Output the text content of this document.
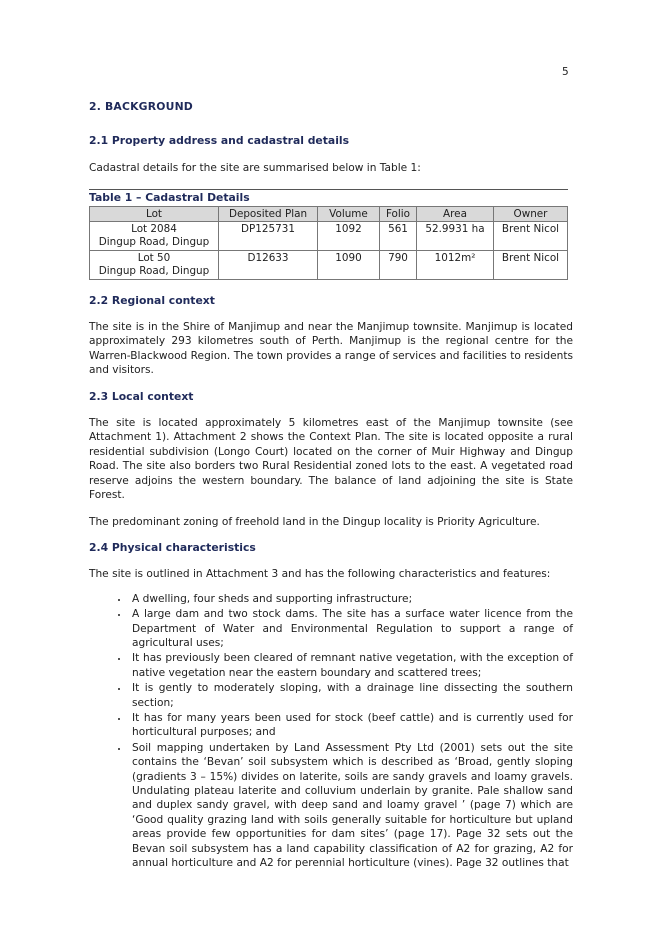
5
2. BACKGROUND
2.1 Property address and cadastral details

Cadastral details for the site are summarised below in Table 1:

Table 1 – Cadastral Details
Lot	Deposited Plan	Volume	Folio	Area	Owner

Lot 2084
Dingup Road, Dingup	DP125731	1092	561	52.9931 ha	Brent Nicol

Lot 50
Dingup Road, Dingup	D12633	1090	790	1012m²	Brent Nicol
2.2 Regional context

The site is in the Shire of Manjimup and near the Manjimup townsite. Manjimup is located approximately 293 kilometres south of Perth. Manjimup is the regional centre for the Warren-Blackwood Region. The town provides a range of services and facilities to residents and visitors.

2.3 Local context

The site is located approximately 5 kilometres east of the Manjimup townsite (see Attachment 1). Attachment 2 shows the Context Plan. The site is located opposite a rural residential subdivision (Longo Court) located on the corner of Muir Highway and Dingup Road. The site also borders two Rural Residential zoned lots to the east. A vegetated road reserve adjoins the western boundary. The balance of land adjoining the site is State Forest.

The predominant zoning of freehold land in the Dingup locality is Priority Agriculture.

2.4 Physical characteristics

The site is outlined in Attachment 3 and has the following characteristics and features:

• A dwelling, four sheds and supporting infrastructure;
• A large dam and two stock dams. The site has a surface water licence from the Department of Water and Environmental Regulation to support a range of agricultural uses;
• It has previously been cleared of remnant native vegetation, with the exception of native vegetation near the eastern boundary and scattered trees;
• It is gently to moderately sloping, with a drainage line dissecting the southern section;
• It has for many years been used for stock (beef cattle) and is currently used for horticultural purposes; and
• Soil mapping undertaken by Land Assessment Pty Ltd (2001) sets out the site contains the ‘Bevan’ soil subsystem which is described as ‘Broad, gently sloping (gradients 3 – 15%) divides on laterite, soils are sandy gravels and loamy gravels. Undulating plateau laterite and colluvium underlain by granite. Pale shallow sand and duplex sandy gravel, with deep sand and loamy gravel ’ (page 7) which are ‘Good quality grazing land with soils generally suitable for horticulture but upland areas provide few opportunities for dam sites’ (page 17). Page 32 sets out the Bevan soil subsystem has a land capability classification of A2 for grazing, A2 for annual horticulture and A2 for perennial horticulture (vines). Page 32 outlines that
